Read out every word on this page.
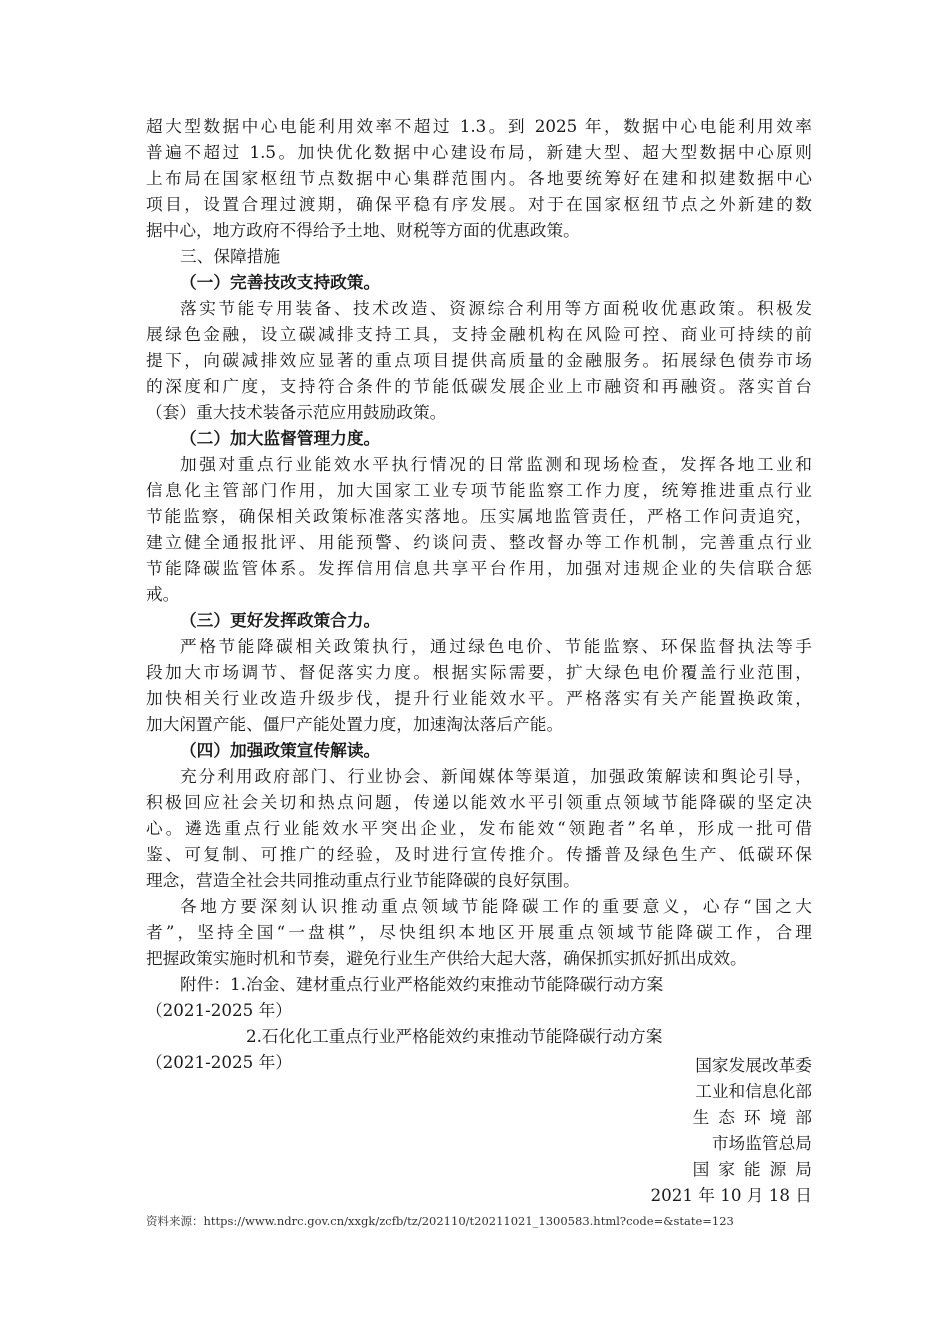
超大型数据中心电能利用效率不超过 1.3。到 2025 年，数据中心电能利用效率
普遍不超过 1.5。加快优化数据中心建设布局，新建大型、超大型数据中心原则
上布局在国家枢纽节点数据中心集群范围内。各地要统筹好在建和拟建数据中心
项目，设置合理过渡期，确保平稳有序发展。对于在国家枢纽节点之外新建的数
据中心，地方政府不得给予土地、财税等方面的优惠政策。
三、保障措施
（一）完善技改支持政策。
落实节能专用装备、技术改造、资源综合利用等方面税收优惠政策。积极发
展绿色金融，设立碳减排支持工具，支持金融机构在风险可控、商业可持续的前
提下，向碳减排效应显著的重点项目提供高质量的金融服务。拓展绿色债券市场
的深度和广度，支持符合条件的节能低碳发展企业上市融资和再融资。落实首台
（套）重大技术装备示范应用鼓励政策。
（二）加大监督管理力度。
加强对重点行业能效水平执行情况的日常监测和现场检查，发挥各地工业和
信息化主管部门作用，加大国家工业专项节能监察工作力度，统筹推进重点行业
节能监察，确保相关政策标准落实落地。压实属地监管责任，严格工作问责追究，
建立健全通报批评、用能预警、约谈问责、整改督办等工作机制，完善重点行业
节能降碳监管体系。发挥信用信息共享平台作用，加强对违规企业的失信联合惩
戒。
（三）更好发挥政策合力。
严格节能降碳相关政策执行，通过绿色电价、节能监察、环保监督执法等手
段加大市场调节、督促落实力度。根据实际需要，扩大绿色电价覆盖行业范围，
加快相关行业改造升级步伐，提升行业能效水平。严格落实有关产能置换政策，
加大闲置产能、僵尸产能处置力度，加速淘汰落后产能。
（四）加强政策宣传解读。
充分利用政府部门、行业协会、新闻媒体等渠道，加强政策解读和舆论引导，
积极回应社会关切和热点问题，传递以能效水平引领重点领域节能降碳的坚定决
心。遴选重点行业能效水平突出企业，发布能效“领跑者”名单，形成一批可借
鉴、可复制、可推广的经验，及时进行宣传推介。传播普及绿色生产、低碳环保
理念，营造全社会共同推动重点行业节能降碳的良好氛围。
各地方要深刻认识推动重点领域节能降碳工作的重要意义，心存“国之大
者”，坚持全国“一盘棋”，尽快组织本地区开展重点领域节能降碳工作，合理
把握政策实施时机和节奏，避免行业生产供给大起大落，确保抓实抓好抓出成效。
附件：1.冶金、建材重点行业严格能效约束推动节能降碳行动方案
（2021-2025 年）
2.石化化工重点行业严格能效约束推动节能降碳行动方案
（2021-2025 年）	国家发展改革委
工业和信息化部
生态环境部
市场监管总局
国家能源局
2021 年 10 月 18 日
资料来源：https://www.ndrc.gov.cn/xxgk/zcfb/tz/202110/t20211021_1300583.html?code=&state=123
